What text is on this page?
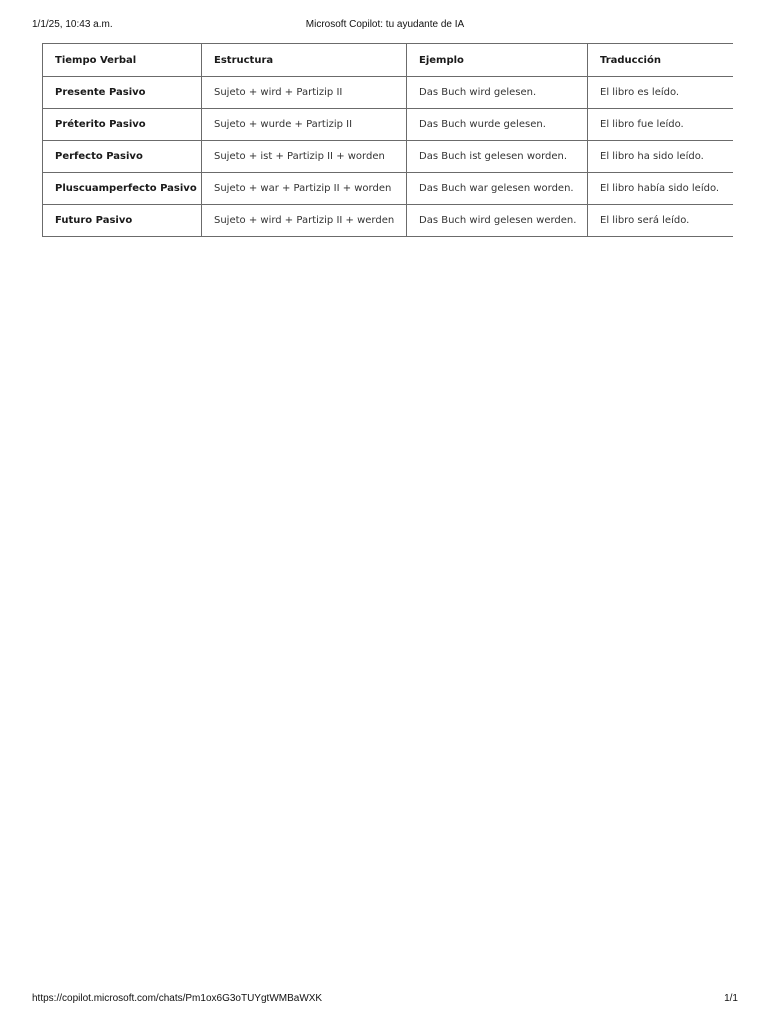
1/1/25, 10:43 a.m.	Microsoft Copilot: tu ayudante de IA
Tiempo Verbal	Estructura	Ejemplo	Traducción
Presente Pasivo	Sujeto + wird + Partizip II	Das Buch wird gelesen.	El libro es leído.
Préterito Pasivo	Sujeto + wurde + Partizip II	Das Buch wurde gelesen.	El libro fue leído.
Perfecto Pasivo	Sujeto + ist + Partizip II + worden	Das Buch ist gelesen worden.	El libro ha sido leído.
Pluscuamperfecto Pasivo	Sujeto + war + Partizip II + worden	Das Buch war gelesen worden.	El libro había sido leído.
Futuro Pasivo	Sujeto + wird + Partizip II + werden	Das Buch wird gelesen werden.	El libro será leído.
https://copilot.microsoft.com/chats/Pm1ox6G3oTUYgtWMBaWXK	1/1
